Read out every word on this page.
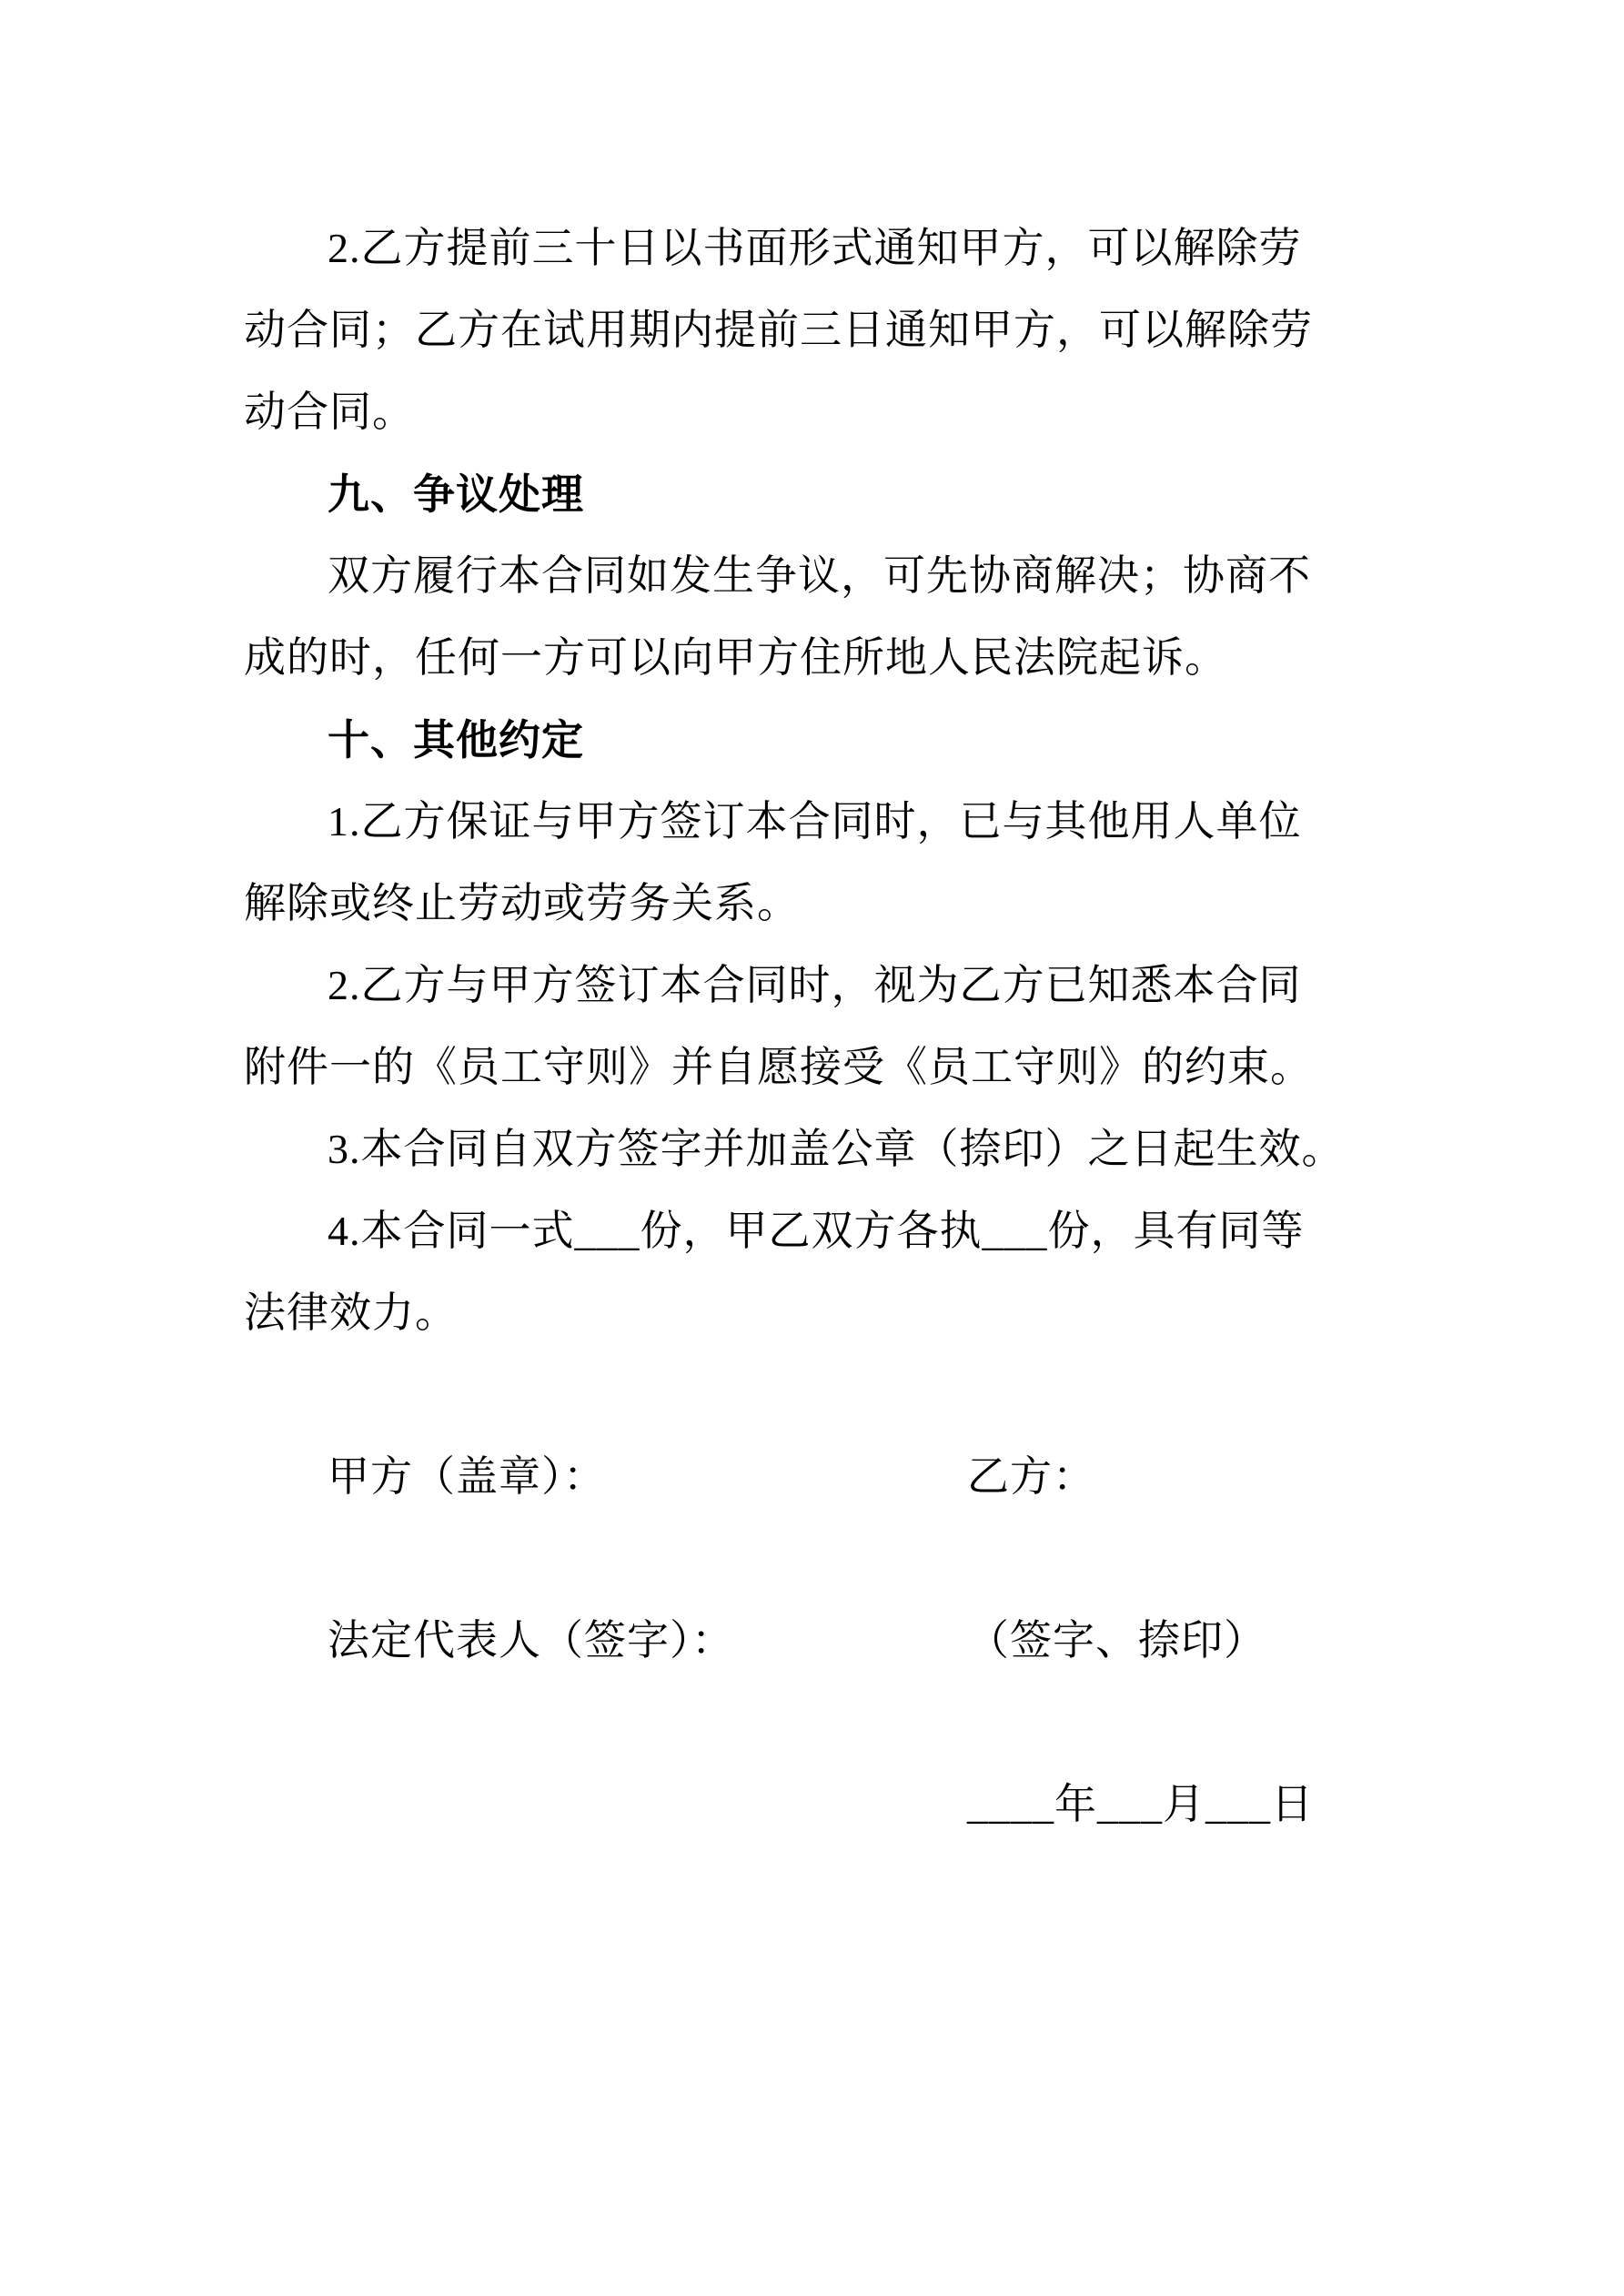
2.乙方提前三十日以书面形式通知甲方，可以解除劳
动合同；乙方在试用期内提前三日通知甲方，可以解除劳
动合同。
九、争议处理
双方履行本合同如发生争议，可先协商解决；协商不
成的时，任何一方可以向甲方住所地人民法院起诉。
十、其他约定
1.乙方保证与甲方签订本合同时，已与其他用人单位
解除或终止劳动或劳务关系。
2.乙方与甲方签订本合同时，视为乙方已知悉本合同
附件一的《员工守则》并自愿接受《员工守则》的约束。
3.本合同自双方签字并加盖公章（捺印）之日起生效。
4.本合同一式___份，甲乙双方各执___份，具有同等
法律效力。

甲方（盖章）：

	乙方：

法定代表人（签字）：

	（签字、捺印）

____年___月___日
